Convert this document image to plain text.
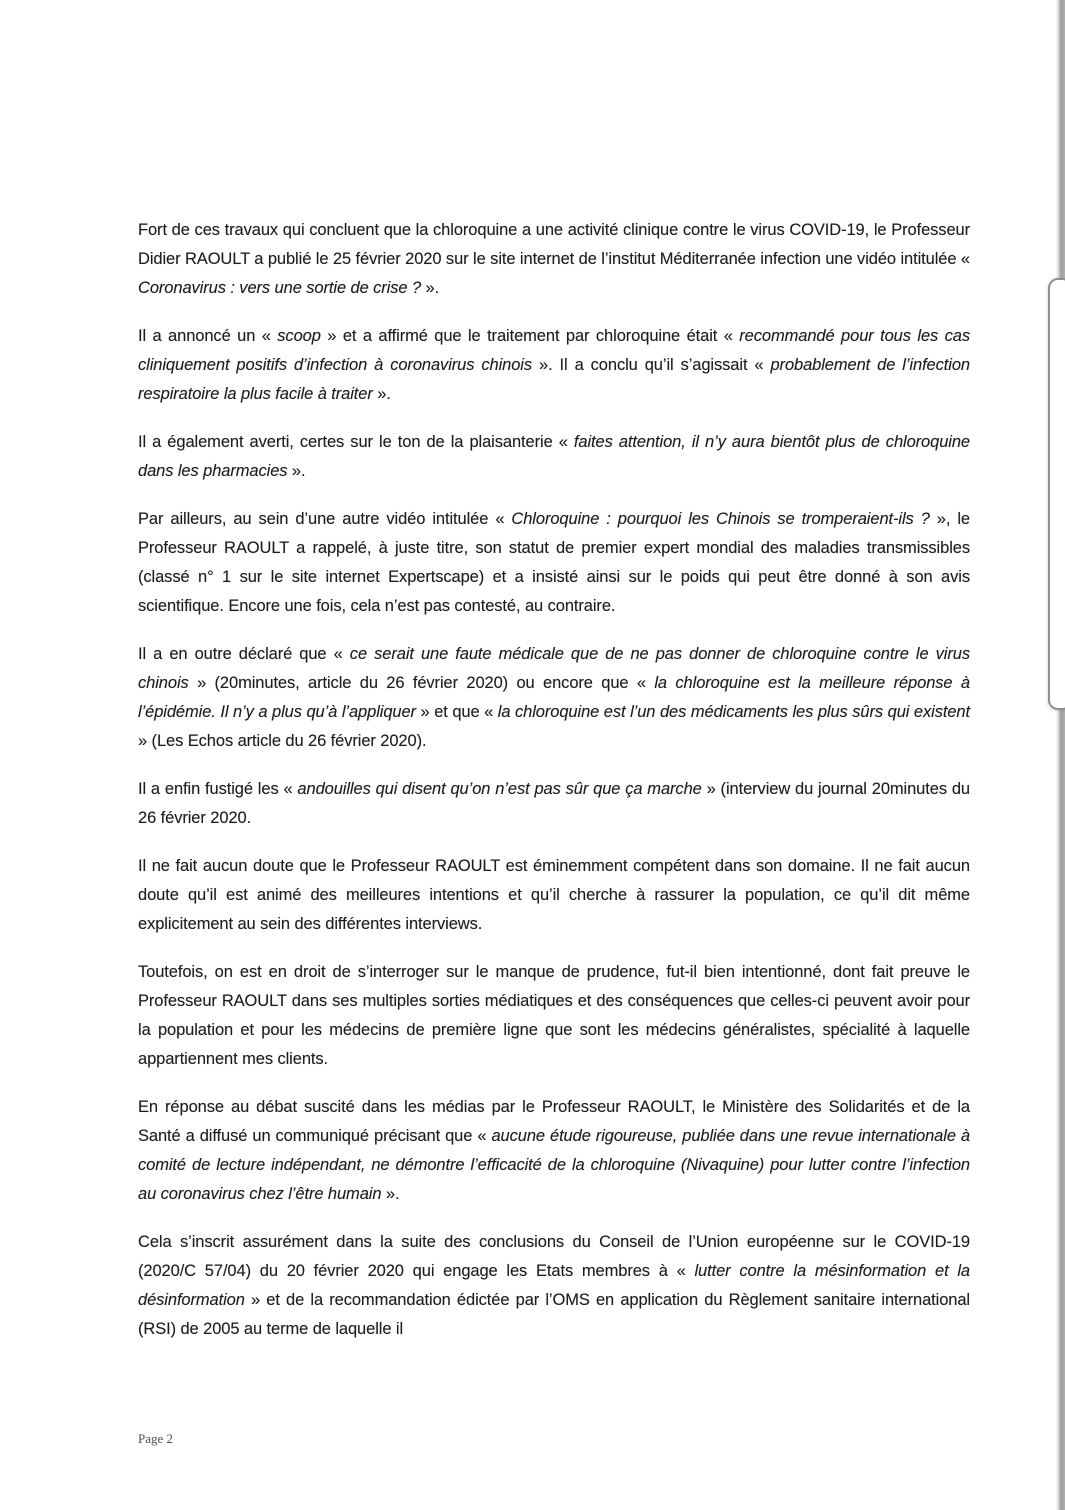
Fort de ces travaux qui concluent que la chloroquine a une activité clinique contre le virus COVID-19, le Professeur Didier RAOULT a publié le 25 février 2020 sur le site internet de l’institut Méditerranée infection une vidéo intitulée « Coronavirus : vers une sortie de crise ? ».

Il a annoncé un « scoop » et a affirmé que le traitement par chloroquine était « recommandé pour tous les cas cliniquement positifs d’infection à coronavirus chinois ». Il a conclu qu’il s’agissait « probablement de l’infection respiratoire la plus facile à traiter ».

Il a également averti, certes sur le ton de la plaisanterie « faites attention, il n’y aura bientôt plus de chloroquine dans les pharmacies ».

Par ailleurs, au sein d’une autre vidéo intitulée « Chloroquine : pourquoi les Chinois se tromperaient-ils ? », le Professeur RAOULT a rappelé, à juste titre, son statut de premier expert mondial des maladies transmissibles (classé n° 1 sur le site internet Expertscape) et a insisté ainsi sur le poids qui peut être donné à son avis scientifique. Encore une fois, cela n’est pas contesté, au contraire.

Il a en outre déclaré que « ce serait une faute médicale que de ne pas donner de chloroquine contre le virus chinois » (20minutes, article du 26 février 2020) ou encore que « la chloroquine est la meilleure réponse à l’épidémie. Il n’y a plus qu’à l’appliquer » et que « la chloroquine est l’un des médicaments les plus sûrs qui existent » (Les Echos article du 26 février 2020).

Il a enfin fustigé les « andouilles qui disent qu’on n’est pas sûr que ça marche » (interview du journal 20minutes du 26 février 2020.

Il ne fait aucun doute que le Professeur RAOULT est éminemment compétent dans son domaine. Il ne fait aucun doute qu’il est animé des meilleures intentions et qu’il cherche à rassurer la population, ce qu’il dit même explicitement au sein des différentes interviews.

Toutefois, on est en droit de s’interroger sur le manque de prudence, fut-il bien intentionné, dont fait preuve le Professeur RAOULT dans ses multiples sorties médiatiques et des conséquences que celles-ci peuvent avoir pour la population et pour les médecins de première ligne que sont les médecins généralistes, spécialité à laquelle appartiennent mes clients.

En réponse au débat suscité dans les médias par le Professeur RAOULT, le Ministère des Solidarités et de la Santé a diffusé un communiqué précisant que « aucune étude rigoureuse, publiée dans une revue internationale à comité de lecture indépendant, ne démontre l’efficacité de la chloroquine (Nivaquine) pour lutter contre l’infection au coronavirus chez l’être humain ».

Cela s’inscrit assurément dans la suite des conclusions du Conseil de l’Union européenne sur le COVID-19 (2020/C 57/04) du 20 février 2020 qui engage les Etats membres à « lutter contre la mésinformation et la désinformation » et de la recommandation édictée par l’OMS en application du Règlement sanitaire international (RSI) de 2005 au terme de laquelle il

Page 2
